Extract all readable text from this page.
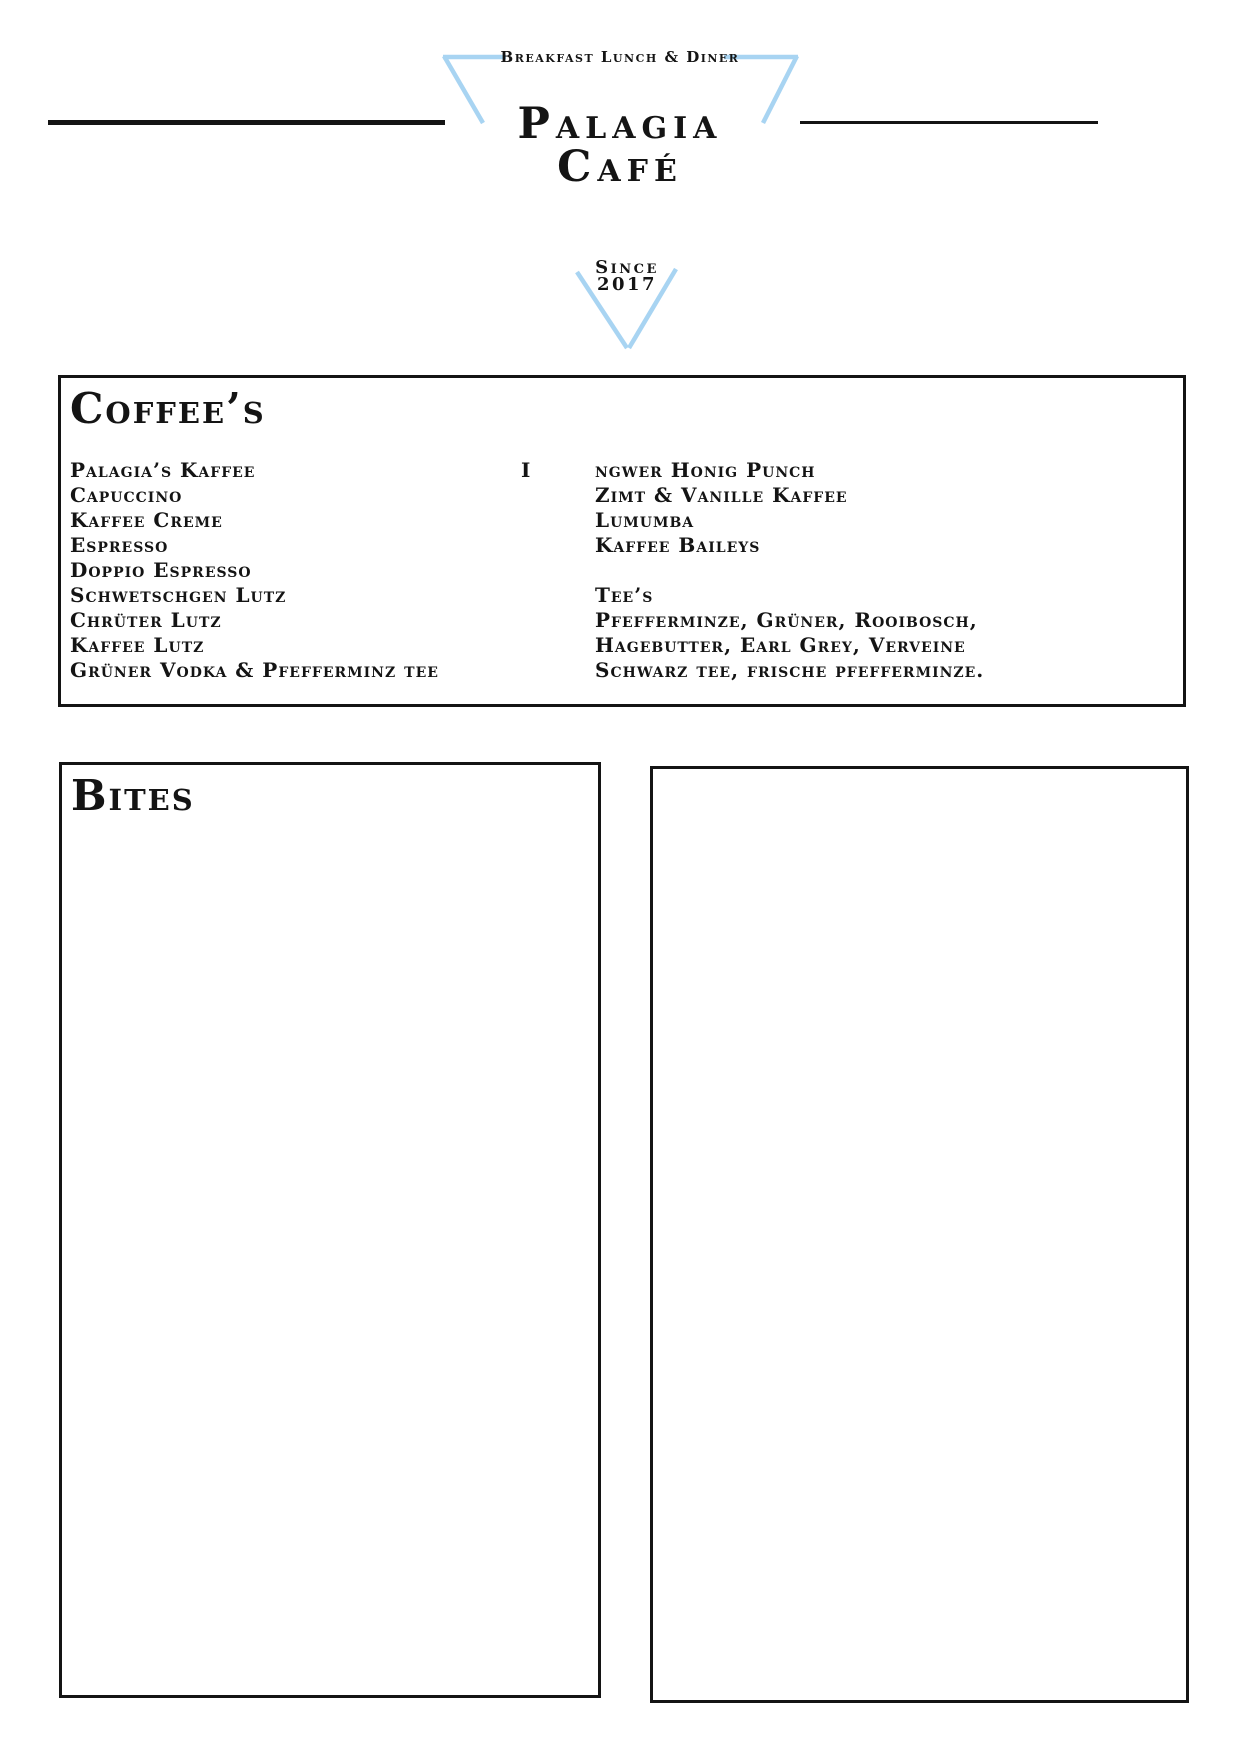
Breakfast Lunch & Diner
Palagia
Café
Since
2017
Coffee’s
Palagia’s Kaffee	I	ngwer Honig Punch
Capuccino	Zimt & Vanille Kaffee
Kaffee Creme	Lumumba
Espresso	Kaffee Baileys
Doppio Espresso
Schwetschgen Lutz	Tee’s
Chrüter Lutz	Pfefferminze, Grüner, Rooibosch,
Kaffee Lutz	Hagebutter, Earl Grey, Verveine
Grüner Vodka & Pfefferminz tee	Schwarz tee, frische pfefferminze.
Bites
